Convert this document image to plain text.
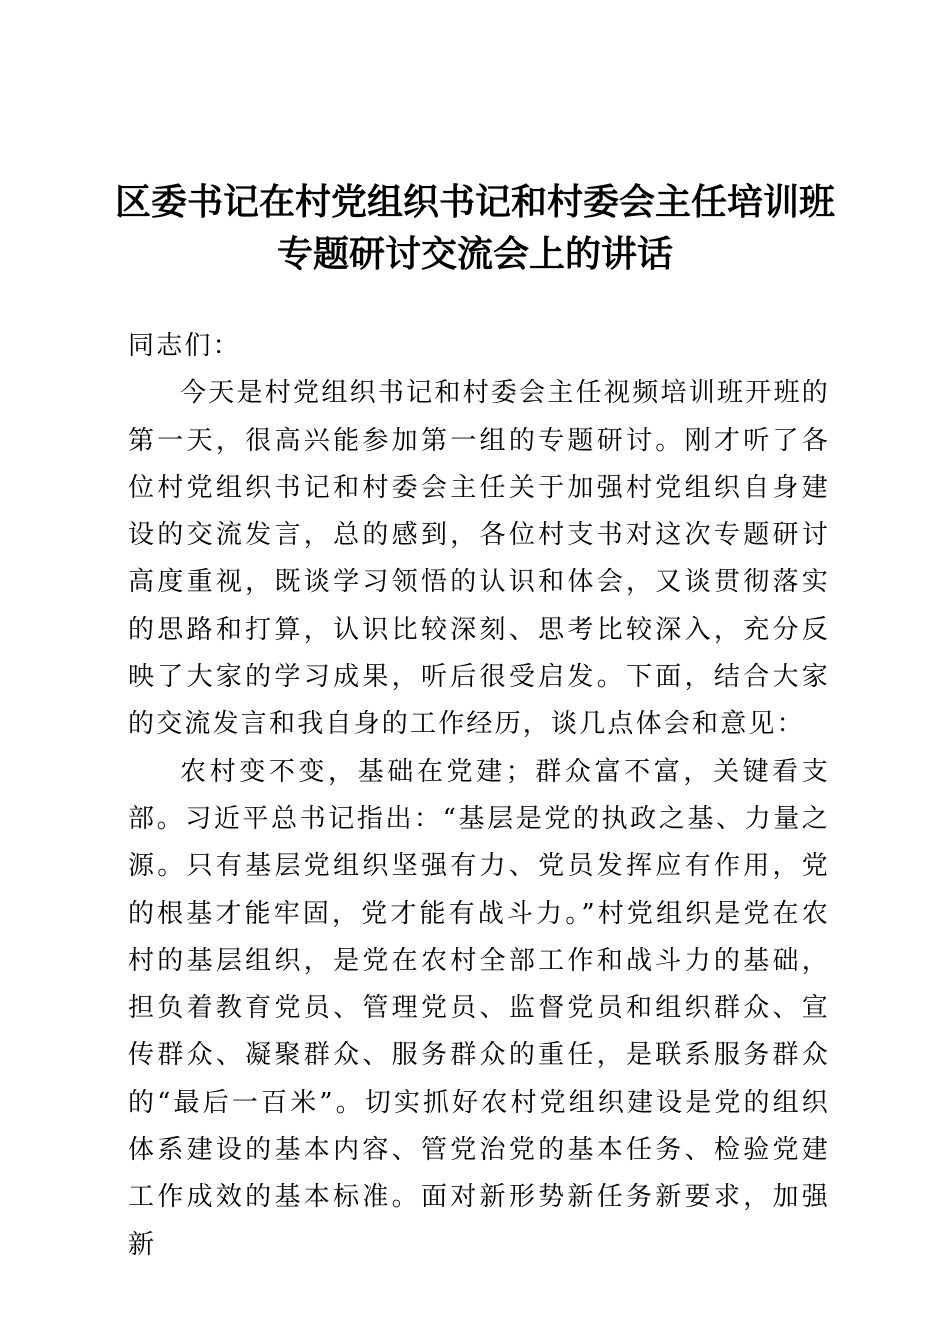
区委书记在村党组织书记和村委会主任培训班
专题研讨交流会上的讲话

同志们：

今天是村党组织书记和村委会主任视频培训班开班的第一天，很高兴能参加第一组的专题研讨。刚才听了各位村党组织书记和村委会主任关于加强村党组织自身建设的交流发言，总的感到，各位村支书对这次专题研讨高度重视，既谈学习领悟的认识和体会，又谈贯彻落实的思路和打算，认识比较深刻、思考比较深入，充分反映了大家的学习成果，听后很受启发。下面，结合大家的交流发言和我自身的工作经历，谈几点体会和意见：

农村变不变，基础在党建；群众富不富，关键看支部。习近平总书记指出：“基层是党的执政之基、力量之源。只有基层党组织坚强有力、党员发挥应有作用，党的根基才能牢固，党才能有战斗力。”村党组织是党在农村的基层组织，是党在农村全部工作和战斗力的基础，担负着教育党员、管理党员、监督党员和组织群众、宣传群众、凝聚群众、服务群众的重任，是联系服务群众的“最后一百米”。切实抓好农村党组织建设是党的组织体系建设的基本内容、管党治党的基本任务、检验党建工作成效的基本标准。面对新形势新任务新要求，加强新
